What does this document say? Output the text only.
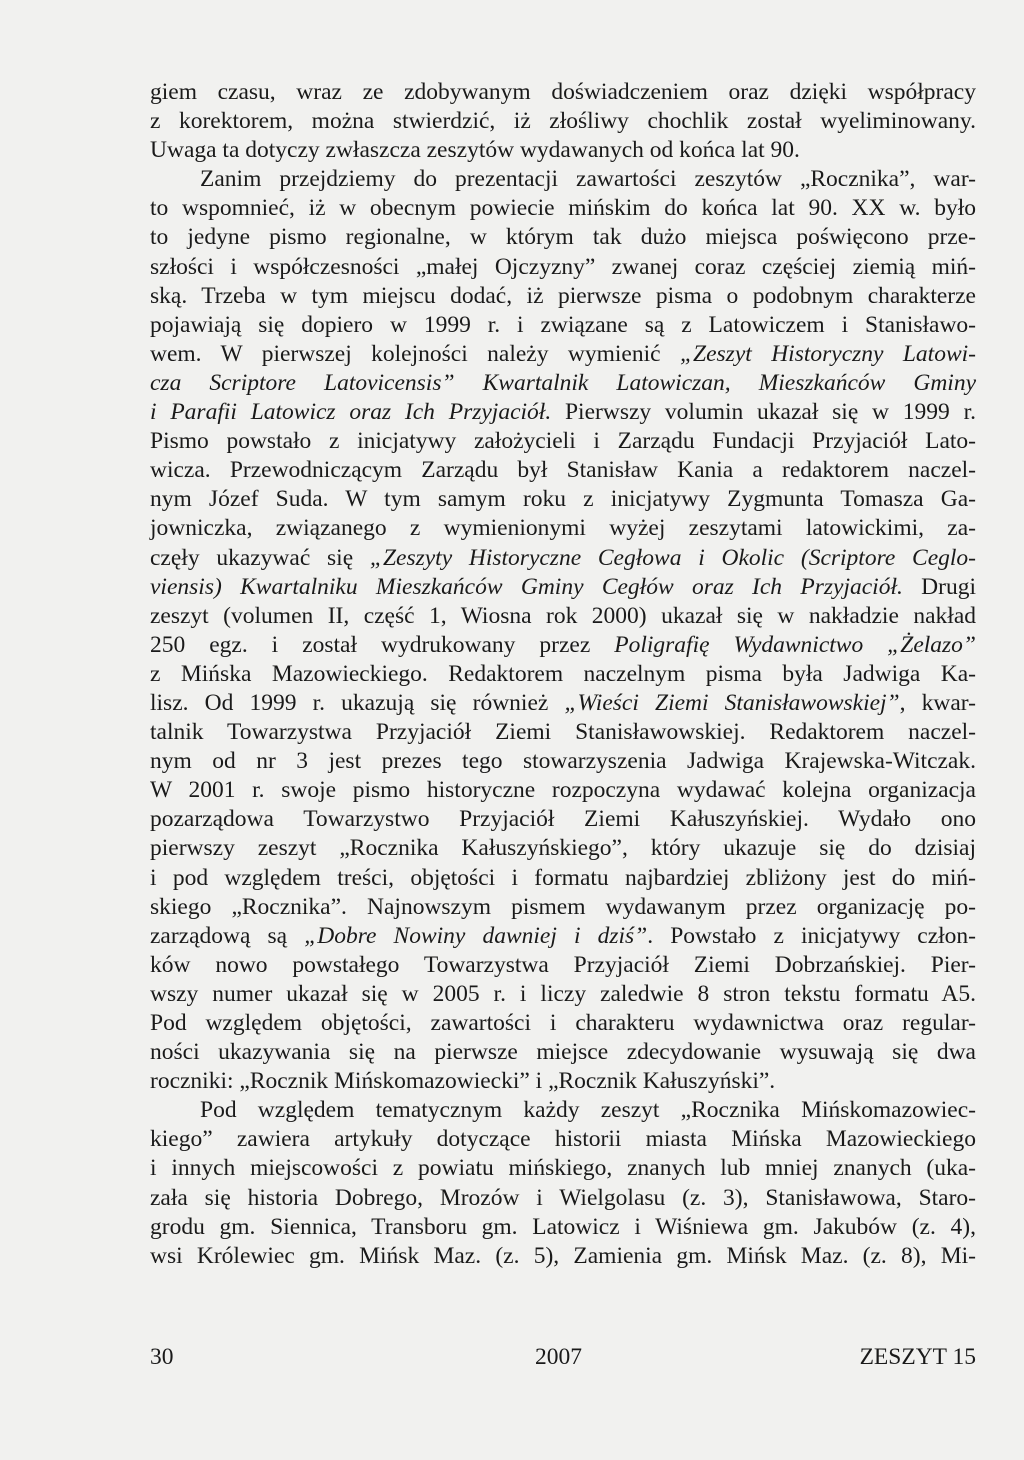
giem czasu, wraz ze zdobywanym doświadczeniem oraz dzięki współpracy
z korektorem, można stwierdzić, iż złośliwy chochlik został wyeliminowany.
Uwaga ta dotyczy zwłaszcza zeszytów wydawanych od końca lat 90.
Zanim przejdziemy do prezentacji zawartości zeszytów „Rocznika”, war-
to wspomnieć, iż w obecnym powiecie mińskim do końca lat 90. XX w. było
to jedyne pismo regionalne, w którym tak dużo miejsca poświęcono prze-
szłości i współczesności „małej Ojczyzny” zwanej coraz częściej ziemią miń-
ską. Trzeba w tym miejscu dodać, iż pierwsze pisma o podobnym charakterze
pojawiają się dopiero w 1999 r. i związane są z Latowiczem i Stanisławo-
wem. W pierwszej kolejności należy wymienić „Zeszyt Historyczny Latowi-
cza Scriptore Latovicensis” Kwartalnik Latowiczan, Mieszkańców Gminy
i Parafii Latowicz oraz Ich Przyjaciół. Pierwszy volumin ukazał się w 1999 r.
Pismo powstało z inicjatywy założycieli i Zarządu Fundacji Przyjaciół Lato-
wicza. Przewodniczącym Zarządu był Stanisław Kania a redaktorem naczel-
nym Józef Suda. W tym samym roku z inicjatywy Zygmunta Tomasza Ga-
jowniczka, związanego z wymienionymi wyżej zeszytami latowickimi, za-
częły ukazywać się „Zeszyty Historyczne Cegłowa i Okolic (Scriptore Ceglo-
viensis) Kwartalniku Mieszkańców Gminy Cegłów oraz Ich Przyjaciół. Drugi
zeszyt (volumen II, część 1, Wiosna rok 2000) ukazał się w nakładzie nakład
250 egz. i został wydrukowany przez Poligrafię Wydawnictwo „Żelazo”
z Mińska Mazowieckiego. Redaktorem naczelnym pisma była Jadwiga Ka-
lisz. Od 1999 r. ukazują się również „Wieści Ziemi Stanisławowskiej”, kwar-
talnik Towarzystwa Przyjaciół Ziemi Stanisławowskiej. Redaktorem naczel-
nym od nr 3 jest prezes tego stowarzyszenia Jadwiga Krajewska-Witczak.
W 2001 r. swoje pismo historyczne rozpoczyna wydawać kolejna organizacja
pozarządowa Towarzystwo Przyjaciół Ziemi Kałuszyńskiej. Wydało ono
pierwszy zeszyt „Rocznika Kałuszyńskiego”, który ukazuje się do dzisiaj
i pod względem treści, objętości i formatu najbardziej zbliżony jest do miń-
skiego „Rocznika”. Najnowszym pismem wydawanym przez organizację po-
zarządową są „Dobre Nowiny dawniej i dziś”. Powstało z inicjatywy człon-
ków nowo powstałego Towarzystwa Przyjaciół Ziemi Dobrzańskiej. Pier-
wszy numer ukazał się w 2005 r. i liczy zaledwie 8 stron tekstu formatu A5.
Pod względem objętości, zawartości i charakteru wydawnictwa oraz regular-
ności ukazywania się na pierwsze miejsce zdecydowanie wysuwają się dwa
roczniki: „Rocznik Mińskomazowiecki” i „Rocznik Kałuszyński”.
Pod względem tematycznym każdy zeszyt „Rocznika Mińskomazowiec-
kiego” zawiera artykuły dotyczące historii miasta Mińska Mazowieckiego
i innych miejscowości z powiatu mińskiego, znanych lub mniej znanych (uka-
zała się historia Dobrego, Mrozów i Wielgolasu (z. 3), Stanisławowa, Staro-
grodu gm. Siennica, Transboru gm. Latowicz i Wiśniewa gm. Jakubów (z. 4),
wsi Królewiec gm. Mińsk Maz. (z. 5), Zamienia gm. Mińsk Maz. (z. 8), Mi-
30	2007	ZESZYT 15
